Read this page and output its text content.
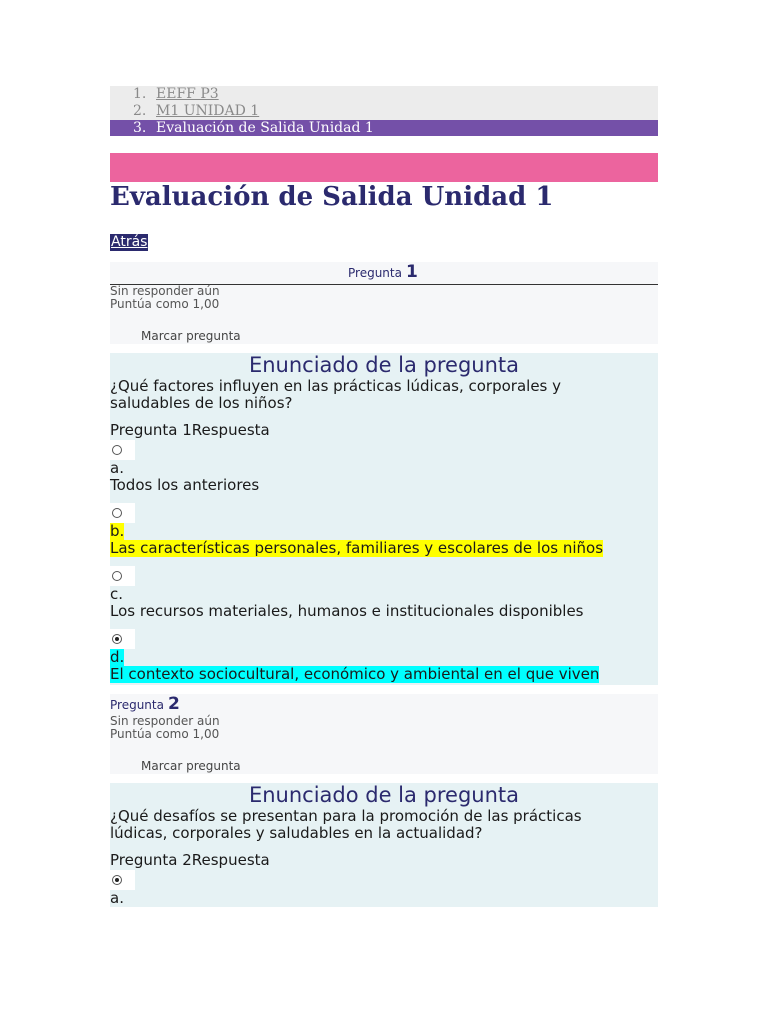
1. EEFF P3
2. M1 UNIDAD 1
3. Evaluación de Salida Unidad 1
Evaluación de Salida Unidad 1
Atrás
Pregunta 1
Sin responder aún
Puntúa como 1,00
Marcar pregunta
Enunciado de la pregunta
¿Qué factores influyen en las prácticas lúdicas, corporales y saludables de los niños?
Pregunta 1Respuesta
a.
Todos los anteriores
b.
Las características personales, familiares y escolares de los niños
c.
Los recursos materiales, humanos e institucionales disponibles
d.
El contexto sociocultural, económico y ambiental en el que viven
Pregunta 2
Sin responder aún
Puntúa como 1,00
Marcar pregunta
Enunciado de la pregunta
¿Qué desafíos se presentan para la promoción de las prácticas lúdicas, corporales y saludables en la actualidad?
Pregunta 2Respuesta
a.
